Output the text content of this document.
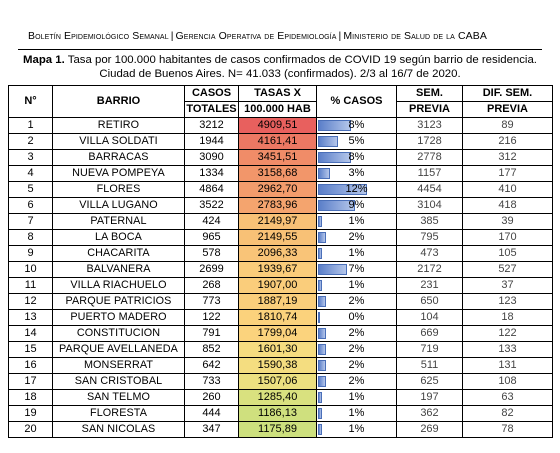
Boletín Epidemiológico Semanal | Gerencia Operativa de Epidemiología | Ministerio de Salud de la CABA
Mapa 1. Tasa por 100.000 habitantes de casos confirmados de COVID 19 según barrio de residencia.
Ciudad de Buenos Aires. N= 41.033 (confirmados). 2/3 al 16/7 de 2020.
N°	BARRIO	CASOS	TASAS X	% CASOS	SEM.	DIF. SEM.
		TOTALES	100.000 HAB		PREVIA	PREVIA
1	RETIRO	3212	4909,51	8%	3123	89
2	VILLA SOLDATI	1944	4161,41	5%	1728	216
3	BARRACAS	3090	3451,51	8%	2778	312
4	NUEVA POMPEYA	1334	3158,68	3%	1157	177
5	FLORES	4864	2962,70	12%	4454	410
6	VILLA LUGANO	3522	2783,96	9%	3104	418
7	PATERNAL	424	2149,97	1%	385	39
8	LA BOCA	965	2149,55	2%	795	170
9	CHACARITA	578	2096,33	1%	473	105
10	BALVANERA	2699	1939,67	7%	2172	527
11	VILLA RIACHUELO	268	1907,00	1%	231	37
12	PARQUE PATRICIOS	773	1887,19	2%	650	123
13	PUERTO MADERO	122	1810,74	0%	104	18
14	CONSTITUCION	791	1799,04	2%	669	122
15	PARQUE AVELLANEDA	852	1601,30	2%	719	133
16	MONSERRAT	642	1590,38	2%	511	131
17	SAN CRISTOBAL	733	1507,06	2%	625	108
18	SAN TELMO	260	1285,40	1%	197	63
19	FLORESTA	444	1186,13	1%	362	82
20	SAN NICOLAS	347	1175,89	1%	269	78
